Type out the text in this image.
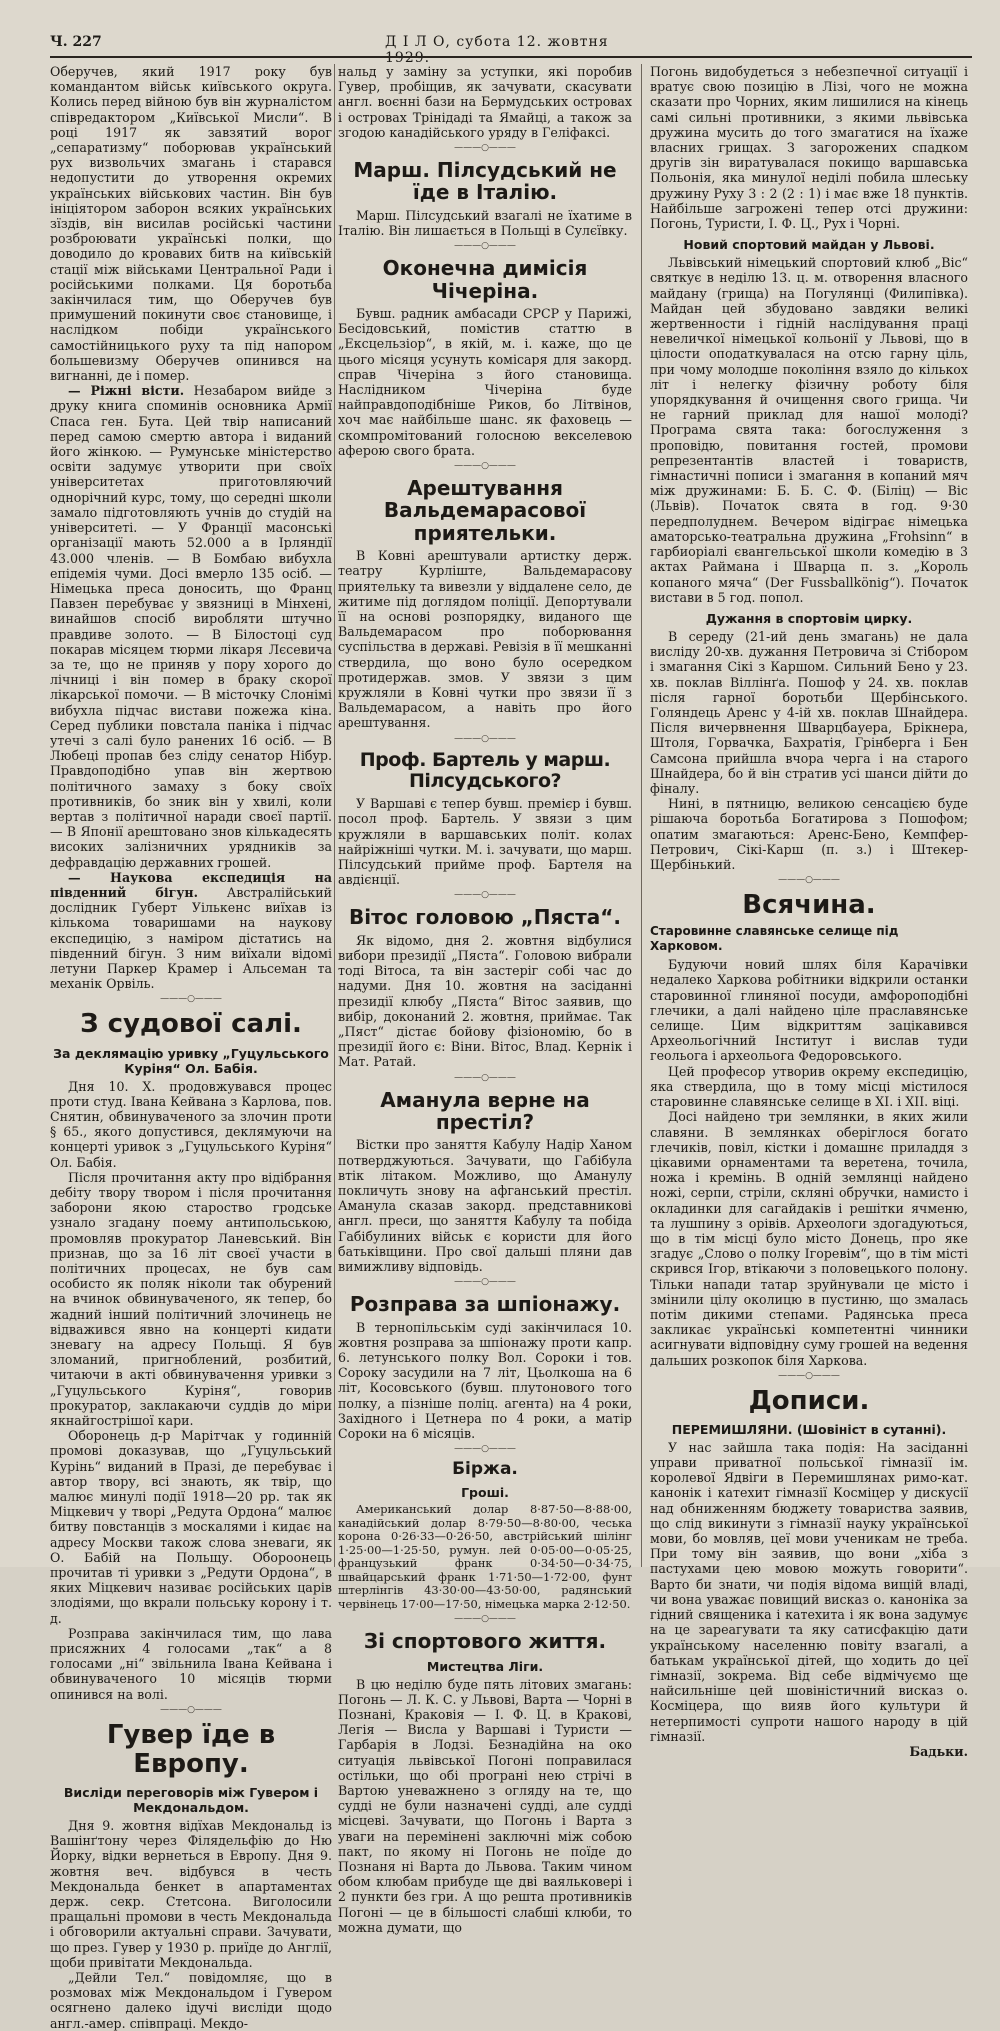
Ч. 227	Д І Л О, субота 12. жовтня 1929.

Оберучев, який 1917 року був командантом військ київського округа. Колись перед війною був він журналістом співредактором „Київської Мисли“. В році 1917 як завзятий ворог „сепаратизму“ поборював український рух визвольчих змагань і старався недопустити до утворення окремих українських військових частин. Він був ініціятором заборон всяких українських зїздів, він висилав російські частини розброювати українські полки, що доводило до кровавих битв на київській стації між військами Центральної Ради і російськими полками. Ця боротьба закінчилася тим, що Оберучев був примушений покинути своє становище, і наслідком побіди українського самостійницького руху та під напором большевизму Оберучев опинився на вигнанні, де і помер.

— Ріжні вісти. Незабаром вийде з друку книга споминів основника Армії Спаса ген. Бута. Цей твір написаний перед самою смертю автора і виданий його жінкою. — Румунське міністерство освіти задумує утворити при своїх університетах приготовляючий однорічний курс, тому, що середні школи замало підготовляють учнів до студій на університеті. — У Франції масонські організації мають 52.000 а в Ірляндії 43.000 членів. — В Бомбаю вибухла епідемія чуми. Досі вмерло 135 осіб. — Німецька преса доносить, що Франц Павзен перебуває у звязниці в Мінхені, винайшов спосіб виробляти штучно правдиве золото. — В Білостоці суд покарав місяцем тюрми лікаря Лєсевича за те, що не приняв у пору хорого до лічниці і він помер в браку скорої лікарської помочи. — В місточку Слонімі вибухла підчас вистави пожежа кіна. Серед публики повстала паніка і підчас утечі з салі було ранених 16 осіб. — В Любеці пропав без сліду сенатор Нібур. Правдоподібно упав він жертвою політичного замаху з боку своїх противників, бо зник він у хвилі, коли вертав з політичної наради своєї партії. — В Японії арештовано знов кількадесять високих залізничних урядників за дефравдацію державних грошей.

— Наукова експедиція на південний бігун. Австралійський дослідник Губерт Уількенс виїхав із кількома товаришами на наукову експедицію, з наміром дістатись на південний бігун. З ним виїхали відомі летуни Паркер Крамер і Альсеман та механік Орвіль.

———○———
З судової салі.
За деклямацію уривку „Гуцульського Куріня“ Ол. Бабія.

Дня 10. Х. продовжувався процес проти студ. Івана Кейвана з Карлова, пов. Снятин, обвинуваченого за злочин проти § 65., якого допустився, деклямуючи на концерті уривок з „Гуцульського Куріня“ Ол. Бабія.

Після прочитання акту про відібрання дебіту твору твором і після прочитання заборони якою староство гродське узнало згадану поему антипольською, промовляв прокуратор Ланевський. Він признав, що за 16 літ своєї участи в політичних процесах, не був сам особисто як поляк ніколи так обурений на вчинок обвинуваченого, як тепер, бо жадний інший політичний злочинець не відважився явно на концерті кидати зневагу на адресу Польщі. Я був зломаний, пригноблений, розбитий, читаючи в акті обвинувачення уривки з „Гуцульського Куріня“, говорив прокуратор, заклакаючи суддів до міри якнайгострішої кари.

Оборонець д-р Марітчак у годинній промові доказував, що „Гуцульський Курінь“ виданий в Празі, де перебуває і автор твору, всі знають, як твір, що малює минулі події 1918—20 рр. так як Міцкевич у творі „Редута Ордона“ малює битву повстанців з москалями і кидає на адресу Москви також слова зневаги, як О. Бабій на Польщу. Обороонець прочитав ті уривки з „Редути Ордона“, в яких Міцкевич називає російських царів злодіями, що вкрали польську корону і т. д.

Розправа закінчилася тим, що лава присяжних 4 голосами „так“ а 8 голосами „ні“ звільнила Івана Кейвана і обвинуваченого 10 місяців тюрми опинився на волі.

———○———
Гувер їде в Европу.
Висліди переговорів між Гувером і Мекдональдом.

Дня 9. жовтня відїхав Мекдональд із Вашінґтону через Філядельфію до Ню Йорку, відки вернеться в Европу. Дня 9. жовтня веч. відбувся в честь Мекдональда бенкет в апартаментах держ. секр. Стетсона. Виголосили пращальні промови в честь Мекдональда і обговорили актуальні справи. Зачувати, що през. Гувер у 1930 р. приїде до Англії, щоби привітати Мекдональда.

„Дейли Тел.“ повідомляє, що в розмовах між Мекдональдом і Гувером осягнено далеко ідучі висліди щодо англ.-амер. співпраці. Мекдо-

нальд у заміну за уступки, які поробив Гувер, пробіщив, як зачувати, скасувати англ. воєнні бази на Бермудських островах і островах Трінідаді та Ямайці, а також за згодою канадійського уряду в Геліфаксі.

———○———
Марш. Пілсудський не їде в Італію.

Марш. Пілсудський взагалі не їхатиме в Італію. Він лишається в Польщі в Сулєївку.

———○———
Оконечна димісія Чічеріна.

Бувш. радник амбасади СРСР у Парижі, Бесідовський, помістив статтю в „Ексцельзіор“, в якій, м. і. каже, що це цього місяця усунуть комісаря для закорд. справ Чічеріна з його становища. Наслідником Чічеріна буде найправдоподібніше Риков, бо Літвінов, хоч має найбільше шанс. як фаховець — скомпромітований голосною векселевою аферою свого брата.

———○———
Арештування Вальдемарасової приятельки.

В Ковні арештували артистку держ. театру Курліште, Вальдемарасову приятельку та вивезли у віддалене село, де житиме під доглядом поліції. Депортували її на основі розпорядку, виданого ще Вальдемарасом про поборювання суспільства в державі. Ревізія в її мешканні ствердила, що воно було осередком протидержав. змов. У звязи з цим кружляли в Ковні чутки про звязи її з Вальдемарасом, а навіть про його арештування.

———○———
Проф. Бартель у марш. Пілсудського?

У Варшаві є тепер бувш. премієр і бувш. посол проф. Бартель. У звязи з цим кружляли в варшавських політ. колах найріжніші чутки. М. і. зачувати, що марш. Пілсудський прийме проф. Бартеля на авдієнції.

———○———
Вітос головою „Пяста“.

Як відомо, дня 2. жовтня відбулися вибори президії „Пяста“. Головою вибрали тоді Вітоса, та він застеріг собі час до надуми. Дня 10. жовтня на засіданні президії клюбу „Пяста“ Вітос заявив, що вибір, доконаний 2. жовтня, приймає. Так „Пяст“ дістає бойову фізіономію, бо в президії його є: Віни. Вітос, Влад. Кернік і Мат. Ратай.

———○———
Аманула верне на престіл?

Вістки про заняття Кабулу Надір Ханом потверджуються. Зачувати, що Габібула втік літаком. Можливо, що Аманулу покличуть знову на афганський престіл. Аманула сказав закорд. представникові англ. преси, що заняття Кабулу та побіда Габібулиних військ є користи для його батьківщини. Про свої дальші пляни дав вимижливу відповідь.

———○———
Розправа за шпіонажу.

В тернопільськім суді закінчилася 10. жовтня розправа за шпіонажу проти капр. 6. летунського полку Вол. Сороки і тов. Сороку засудили на 7 літ, Цьолкоша на 6 літ, Косовського (бувш. плутонового того полку, а пізніше поліц. агента) на 4 роки, Західного і Цетнера по 4 роки, а матір Сороки на 6 місяців.

———○———
Біржа.
Гроші.

Американський долар 8·87·50—8·88·00, канадійський долар 8·79·50—8·80·00, чеська корона 0·26·33—0·26·50, австрійський шілінг 1·25·00—1·25·50, румун. лей 0·05·00—0·05·25, французький франк 0·34·50—0·34·75, швайцарський франк 1·71·50—1·72·00, фунт штерлінгів 43·30·00—43·50·00, радянський червінець 17·00—17·50, німецька марка 2·12·50.

———○———
Зі спортового життя.
Мистецтва Ліги.

В цю неділю буде пять літових змагань: Погонь — Л. К. С. у Львові, Варта — Чорні в Познані, Краковія — І. Ф. Ц. в Кракові, Легія — Висла у Варшаві і Туристи — Гарбарія в Лодзі. Безнадійна на око ситуація львівської Погоні поправилася остільки, що обі програні нею стрічі в Вартою уневажнено з огляду на те, що судді не були назначені судді, але судді місцеві. Зачувати, що Погонь і Варта з уваги на перемінені заключні між собою пакт, по якому ні Погонь не поїде до Познаня ні Варта до Львова. Таким чином обом клюбам прибуде ще дві ваяльковері і 2 пункти без гри. А що решта противників Погоні — це в більшості слабші клюби, то можна думати, що

Погонь видобудеться з небезпечної ситуації і вратує свою позицію в Лізі, чого не можна сказати про Чорних, яким лишилися на кінець самі сильні противники, з якими львівська дружина мусить до того змагатися на їхаже власних грищах. З загорожених спадком другів зін виратувалася покищо варшавська Польонія, яка минулої неділі побила шлеську дружину Руху 3 : 2 (2 : 1) і має вже 18 пунктів. Найбільше загрожені тепер отсі дружини: Погонь, Туристи, І. Ф. Ц., Рух і Чорні.

Новий спортовий майдан у Львові.

Львівський німецький спортовий клюб „Віс“ святкує в неділю 13. ц. м. отворення власного майдану (грища) на Погулянці (Филипівка). Майдан цей збудовано завдяки великі жертвенности і гідній наслідування праці невеличкої німецької кольонії у Львові, що в цілости оподаткувалася на отсю гарну ціль, при чому молодше покоління взяло до кількох літ і нелегку фізичну роботу біля упорядкування й очищення свого грища. Чи не гарний приклад для нашої молоді? Програма свята така: богослуження з проповідю, повитання гостей, промови репрезентантів властей і товариств, гімнастичні пописи і змагання в копаний мяч між дружинами: Б. Б. С. Ф. (Біліц) — Віс (Львів). Початок свята в год. 9·30 передполуднем. Вечером відіграє німецька аматорсько-театральна дружина „Frohsinn“ в гарбиоріалі євангельської школи комедію в 3 актах Раймана і Шварца п. з. „Король копаного мяча“ (Der Fussballkönig“). Початок вистави в 5 год. попол.

Дужання в спортовім цирку.

В середу (21-ий день змагань) не дала висліду 20-хв. дужання Петровича зі Стібором і змагання Сікі з Каршом. Сильний Бено у 23. хв. поклав Віллінґа. Пошоф у 24. хв. поклав після гарної боротьби Щербінського. Голяндець Аренс у 4-ій хв. поклав Шнайдера. Після вичервнення Шварцбауера, Брікнера, Штоля, Горвачка, Бахратія, Грінберга і Бен Самсона прийшла вчора черга і на старого Шнайдера, бо й він стратив усі шанси дійти до фіналу.

Нині, в пятницю, великою сенсацією буде рішаюча боротьба Богатирова з Пошофом; опатим змагаються: Аренс-Бено, Кемпфер-Петрович, Сікі-Карш (п. з.) і Штекер-Щербінький.

———○———
Всячина.
Старовинне славянське селище під Харковом.

Будуючи новий шлях біля Карачівки недалеко Харкова робітники відкрили останки старовинної глиняної посуди, амфороподібні глечики, а далі найдено ціле праславянське селище. Цим відкриттям зацікавився Археольогічний Інститут і вислав туди геольога і археольога Федоровського.

Цей професор утворив окрему експедицію, яка ствердила, що в тому місці містилося старовинне славянське селище в XI. і XII. віці.

Досі найдено три землянки, в яких жили славяни. В землянках оберіглося богато глечиків, повіл, кістки і домашнє приладдя з цікавими орнаментами та веретена, точила, ножа і кремінь. В одній землянці найдено ножі, серпи, стріли, скляні обручки, намисто і окладинки для сагайдаків і решітки ячменю, та лушпину з орівів. Археологи здогадуються, що в тім місці було місто Донець, про яке згадує „Слово о полку Ігоревім“, що в тім місті скрився Ігор, втікаючи з половецького полону. Тільки напади татар зруйнували це місто і змінили цілу околицю в пустиню, що змалась потім дикими степами. Радянська преса закликає українські компетентні чинники асигнувати відповідну суму грошей на ведення дальших розкопок біля Харкова.

———○———
Дописи.
ПЕРЕМИШЛЯНИ. (Шовініст в сутанні).

У нас зайшла така подія: На засіданні управи приватної польської гімназії ім. королевої Ядвіги в Перемишлянах римо-кат. канонік і катехит гімназії Косміцер у дискусії над обниженням бюджету товариства заявив, що слід викинути з гімназії науку української мови, бо мовляв, цеї мови ученикам не треба. При тому він заявив, що вони „хіба з пастухами цею мовою можуть говорити“. Варто би знати, чи подія відома вищій владі, чи вона уважає повищий висказ о. каноніка за гідний священика і катехита і як вона задумує на це зареагувати та яку сатисфакцію дати українському населенню повіту взагалі, а батькам української дітей, що ходить до цеї гімназії, зокрема. Від себе відмічуємо ще найсильніше цей шовіністичний висказ о. Косміцера, що вияв його культури й нетерпимості супроти нашого народу в цій гімназії.

Бадьки.
